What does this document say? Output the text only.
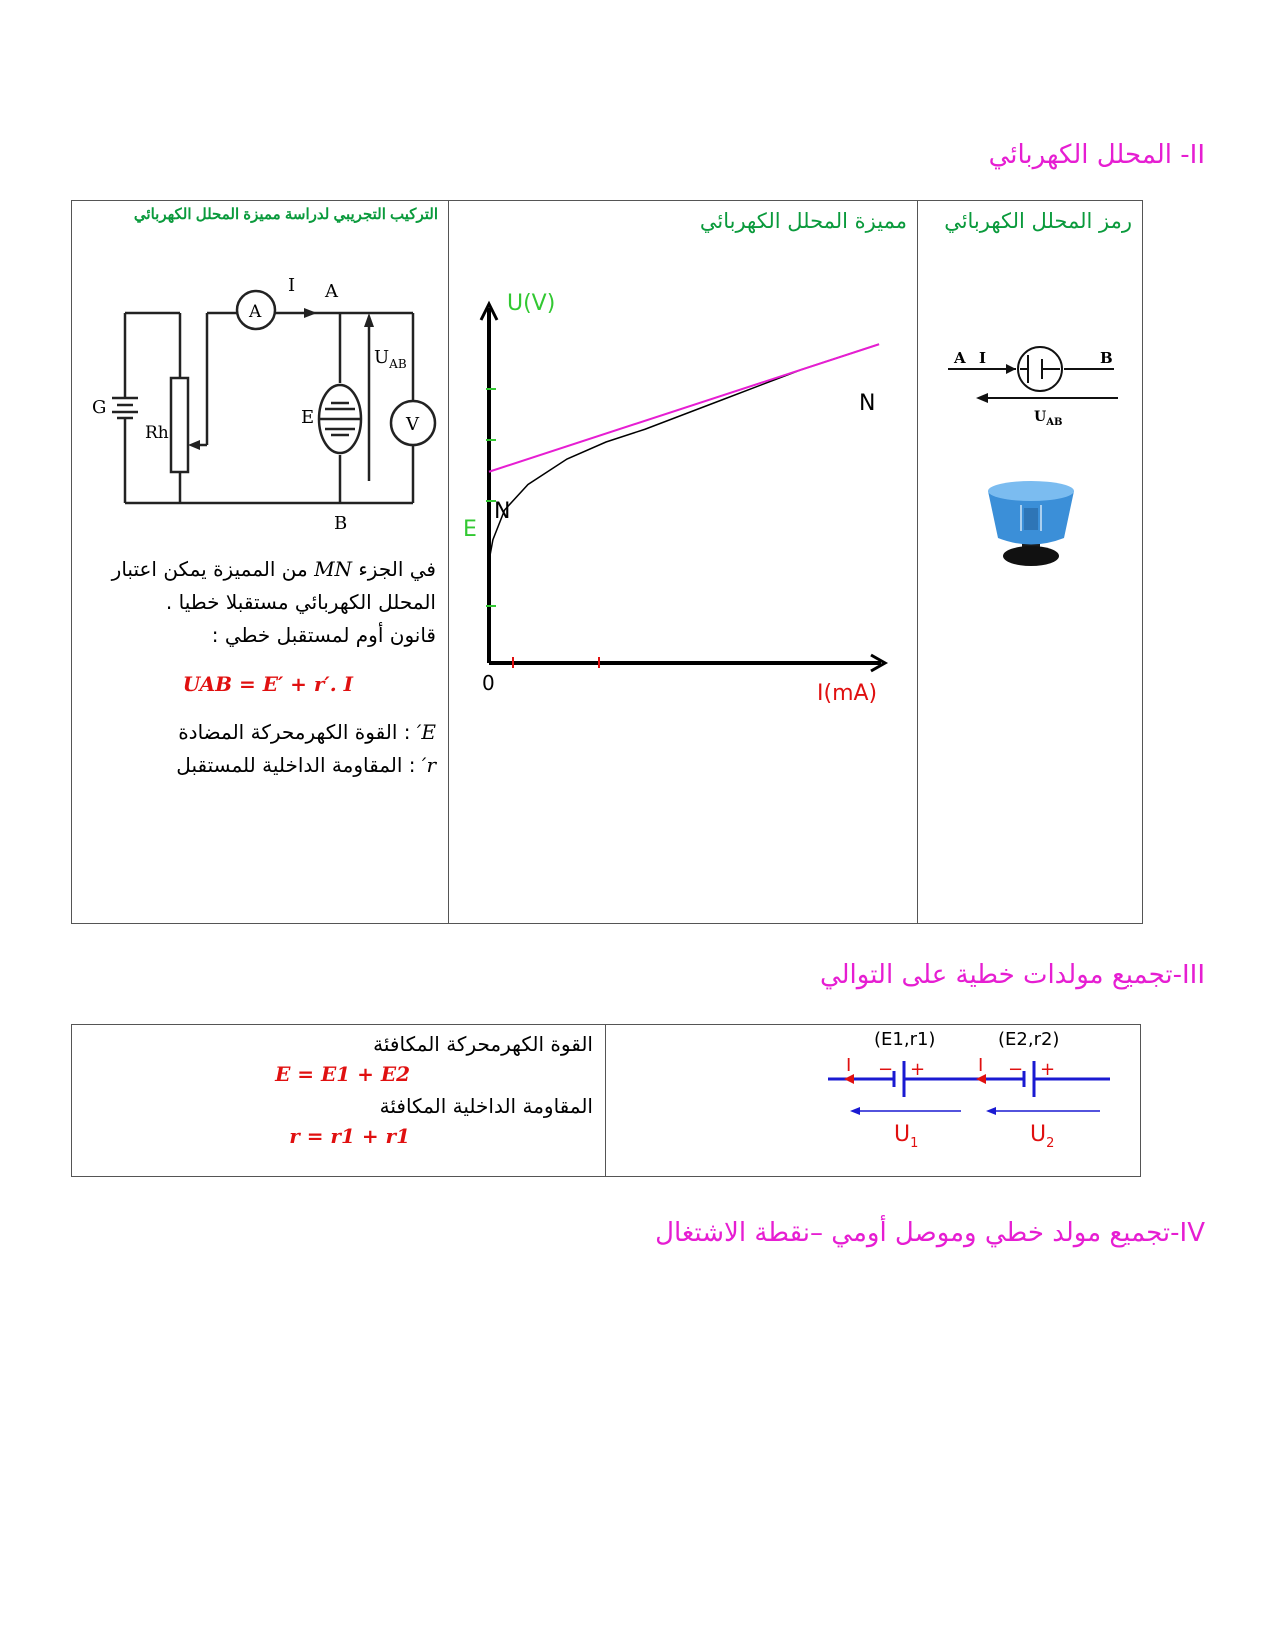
II- المحلل الكهربائي
التركيب التجريبي لدراسة مميزة المحلل الكهربائي
G
Rh
A
I A
B
E	V
$U_{AB}$
في الجزء MN من المميزة يمكن اعتبار المحلل الكهربائي مستقبلا خطيا .
قانون أوم لمستقبل خطي :
UAB = E′ + r′. I
E′ : القوة الكهرمحركة المضادة
r′ : المقاومة الداخلية للمستقبل

مميزة المحلل الكهربائي
U(V)
I(mA)
0
E
N
N

رمز المحلل الكهربائي
A I	B
$U_{AB}$
III-تجميع مولدات خطية على التوالي
القوة الكهرمحركة المكافئة
E = E1 + E2
المقاومة الداخلية المكافئة
r = r1 + r1

(E1,r1)	(E2,r2)
I	I
− +	− +
$U_1$	$U_2$
IV-تجميع مولد خطي وموصل أومي –نقطة الاشتغال
